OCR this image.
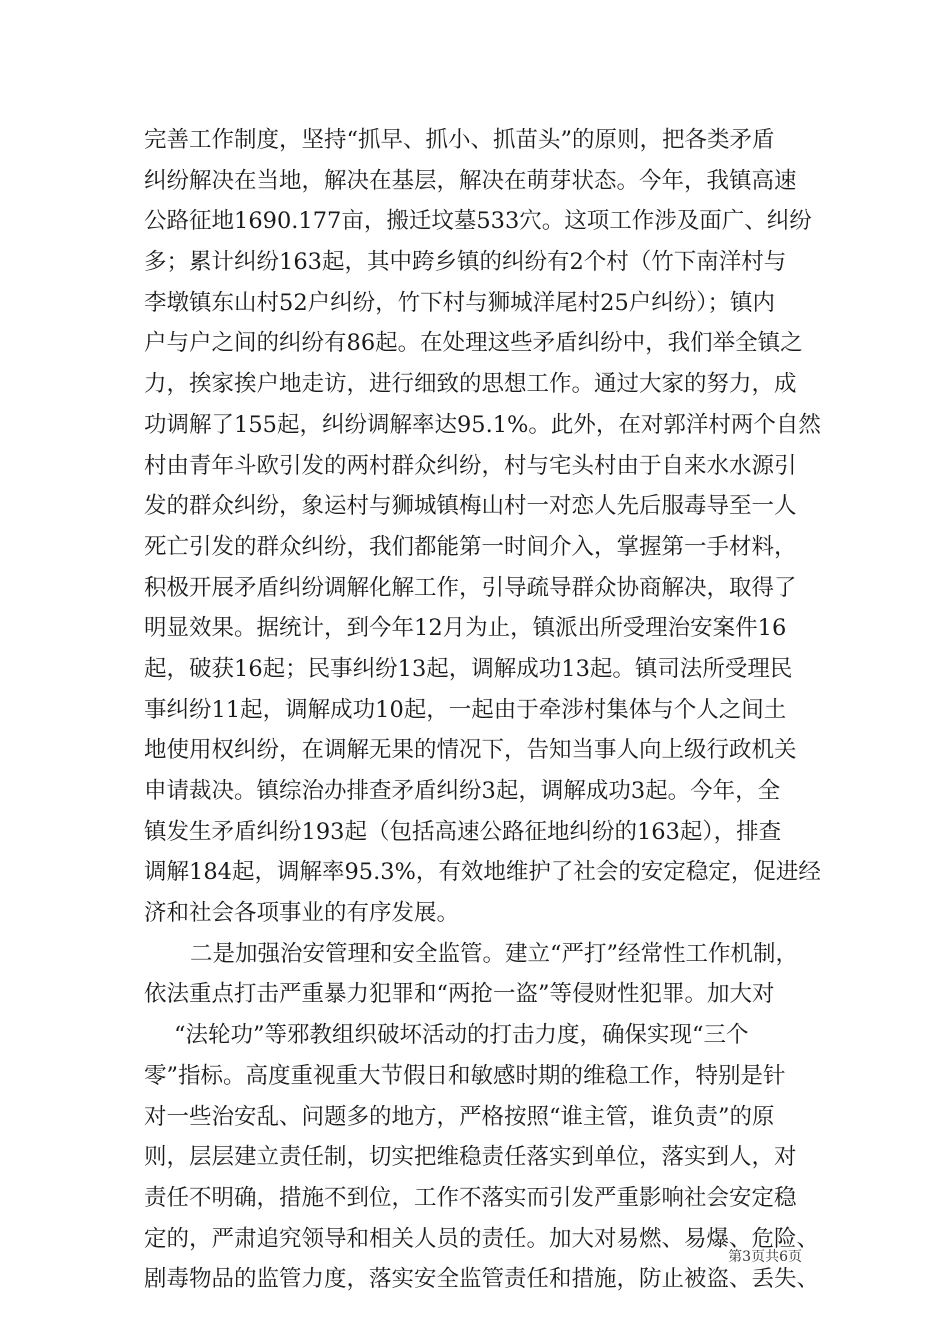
完善工作制度，坚持“抓早、抓小、抓苗头”的原则，把各类矛盾
纠纷解决在当地，解决在基层，解决在萌芽状态。今年，我镇高速
公路征地1690.177亩，搬迁坟墓533穴。这项工作涉及面广、纠纷
多；累计纠纷163起，其中跨乡镇的纠纷有2个村（竹下南洋村与
李墩镇东山村52户纠纷，竹下村与狮城洋尾村25户纠纷）；镇内
户与户之间的纠纷有86起。在处理这些矛盾纠纷中，我们举全镇之
力，挨家挨户地走访，进行细致的思想工作。通过大家的努力，成
功调解了155起，纠纷调解率达95.1%。此外，在对郭洋村两个自然
村由青年斗欧引发的两村群众纠纷，村与宅头村由于自来水水源引
发的群众纠纷，象运村与狮城镇梅山村一对恋人先后服毒导至一人
死亡引发的群众纠纷，我们都能第一时间介入，掌握第一手材料，
积极开展矛盾纠纷调解化解工作，引导疏导群众协商解决，取得了
明显效果。据统计，到今年12月为止，镇派出所受理治安案件16
起，破获16起；民事纠纷13起，调解成功13起。镇司法所受理民
事纠纷11起，调解成功10起，一起由于牵涉村集体与个人之间土
地使用权纠纷，在调解无果的情况下，告知当事人向上级行政机关
申请裁决。镇综治办排查矛盾纠纷3起，调解成功3起。今年，全
镇发生矛盾纠纷193起（包括高速公路征地纠纷的163起），排查
调解184起，调解率95.3%，有效地维护了社会的安定稳定，促进经
济和社会各项事业的有序发展。
二是加强治安管理和安全监管。建立“严打”经常性工作机制，
依法重点打击严重暴力犯罪和“两抢一盗”等侵财性犯罪。加大对
“法轮功”等邪教组织破坏活动的打击力度，确保实现“三个
零”指标。高度重视重大节假日和敏感时期的维稳工作，特别是针
对一些治安乱、问题多的地方，严格按照“谁主管，谁负责”的原
则，层层建立责任制，切实把维稳责任落实到单位，落实到人，对
责任不明确，措施不到位，工作不落实而引发严重影响社会安定稳
定的，严肃追究领导和相关人员的责任。加大对易燃、易爆、危险、
剧毒物品的监管力度，落实安全监管责任和措施，防止被盗、丢失、
第3页共6页
